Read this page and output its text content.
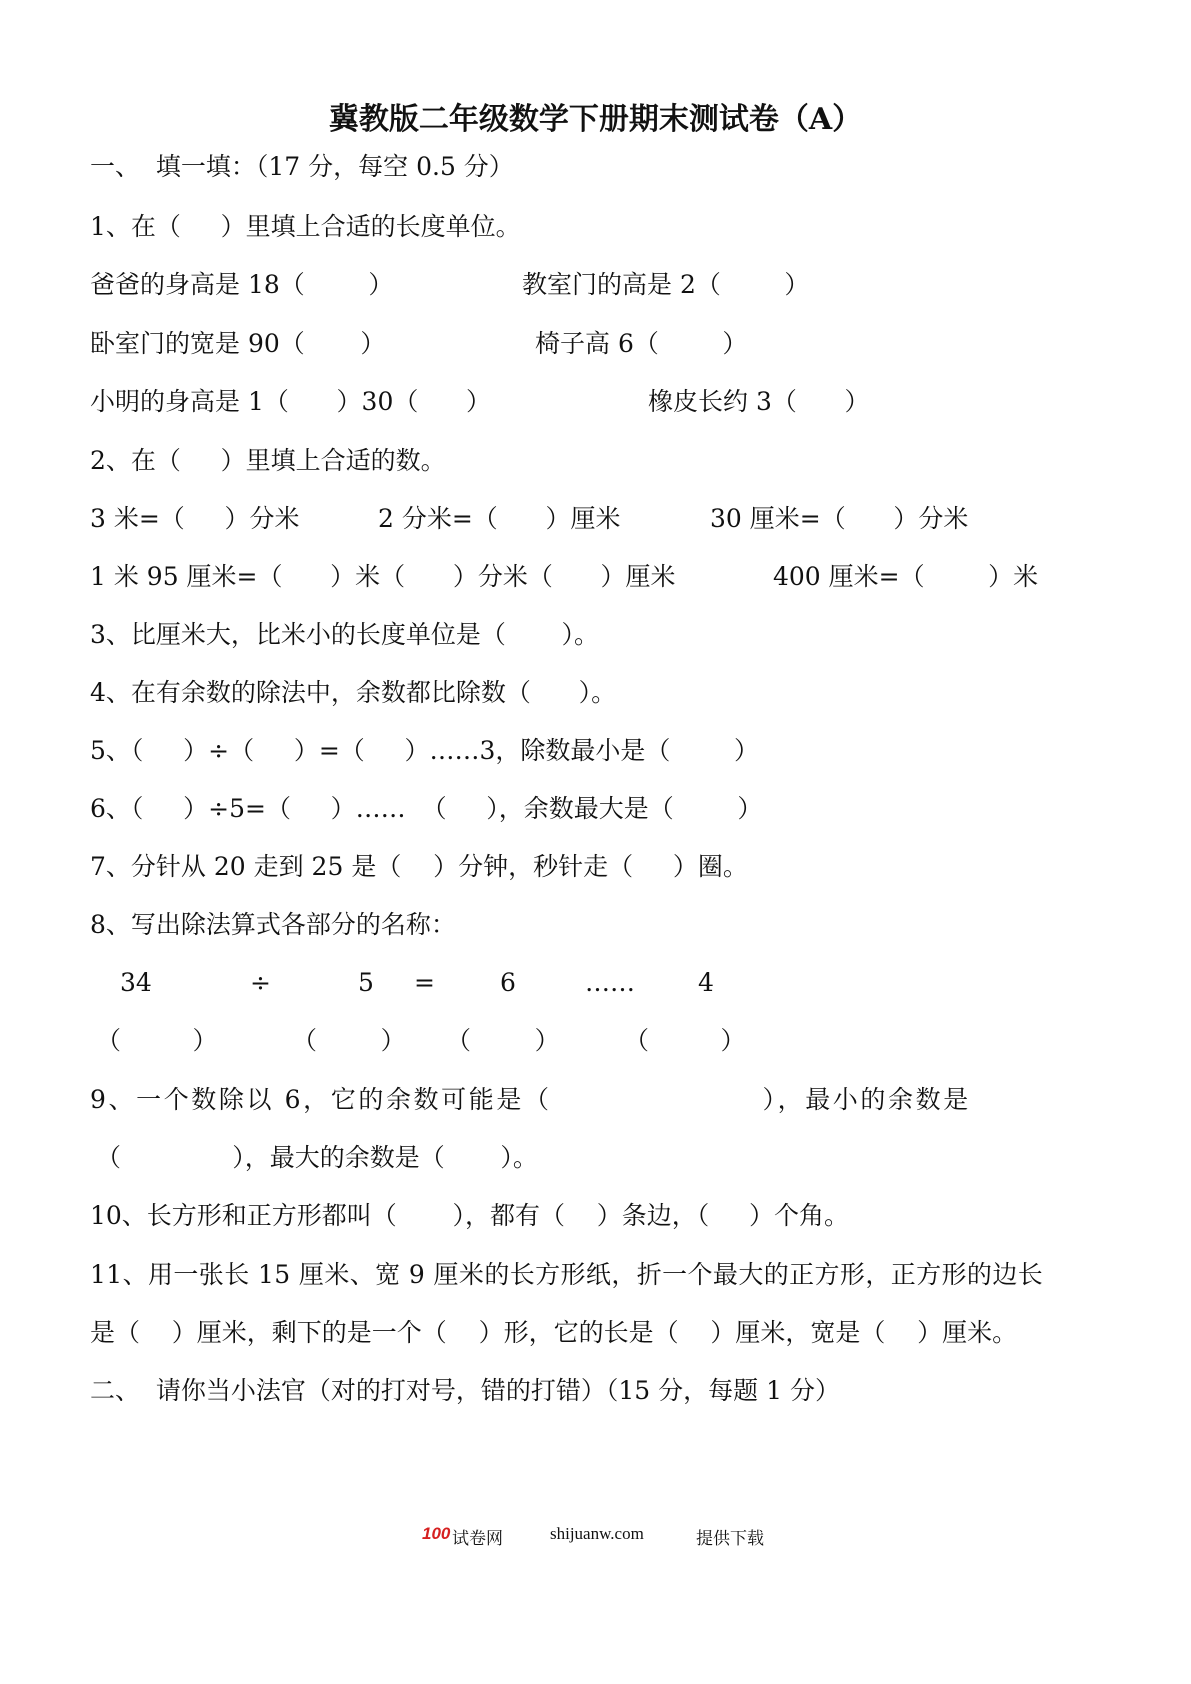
冀教版二年级数学下册期末测试卷（A）
一、  填一填：（17 分，每空 0.5 分）
1、在（     ）里填上合适的长度单位。
爸爸的身高是 18（        ）	教室门的高是 2（        ）
卧室门的宽是 90（       ）	椅子高 6（        ）
小明的身高是 1（      ）30（      ）	橡皮长约 3（      ）
2、在（     ）里填上合适的数。
3 米=（     ）分米	2 分米=（      ）厘米	30 厘米=（      ）分米
1 米 95 厘米=（      ）米（      ）分米（      ）厘米	400 厘米=（        ）米
3、比厘米大，比米小的长度单位是（       ）。
4、在有余数的除法中，余数都比除数（      ）。
5、（     ）÷（     ）=（     ）……3，除数最小是（        ）
6、（     ）÷5=（     ）……  （     ），余数最大是（        ）
7、分针从 20 走到 25 是（    ）分钟，秒针走（     ）圈。
8、写出除法算式各部分的名称：
34	÷	5 =	6	……	4
（         ）	（        ） （        ）	（         ）
9、一个数除以 6，它的余数可能是（                    ），最小的余数是
（              ），最大的余数是（       ）。
10、长方形和正方形都叫（       ），都有（    ）条边，（     ）个角。
11、用一张长 15 厘米、宽 9 厘米的长方形纸，折一个最大的正方形，正方形的边长
是（    ）厘米，剩下的是一个（    ）形，它的长是（    ）厘米，宽是（    ）厘米。
二、  请你当小法官（对的打对号，错的打错）（15 分，每题 1 分）
100 试卷网	shijuanw.com	提供下载
